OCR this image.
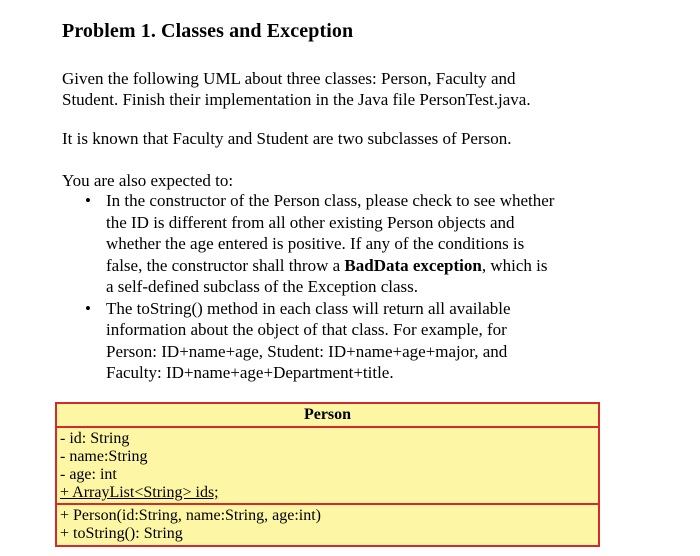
Problem 1. Classes and Exception
Given the following UML about three classes: Person, Faculty and
Student. Finish their implementation in the Java file PersonTest.java.
It is known that Faculty and Student are two subclasses of Person.
You are also expected to:
• In the constructor of the Person class, please check to see whether
the ID is different from all other existing Person objects and
whether the age entered is positive. If any of the conditions is
false, the constructor shall throw a BadData exception, which is
a self-defined subclass of the Exception class.
• The toString() method in each class will return all available
information about the object of that class. For example, for
Person: ID+name+age, Student: ID+name+age+major, and
Faculty: ID+name+age+Department+title.
Person
- id: String
- name:String
- age: int
+ ArrayList<String> ids;
+ Person(id:String, name:String, age:int)
+ toString(): String
